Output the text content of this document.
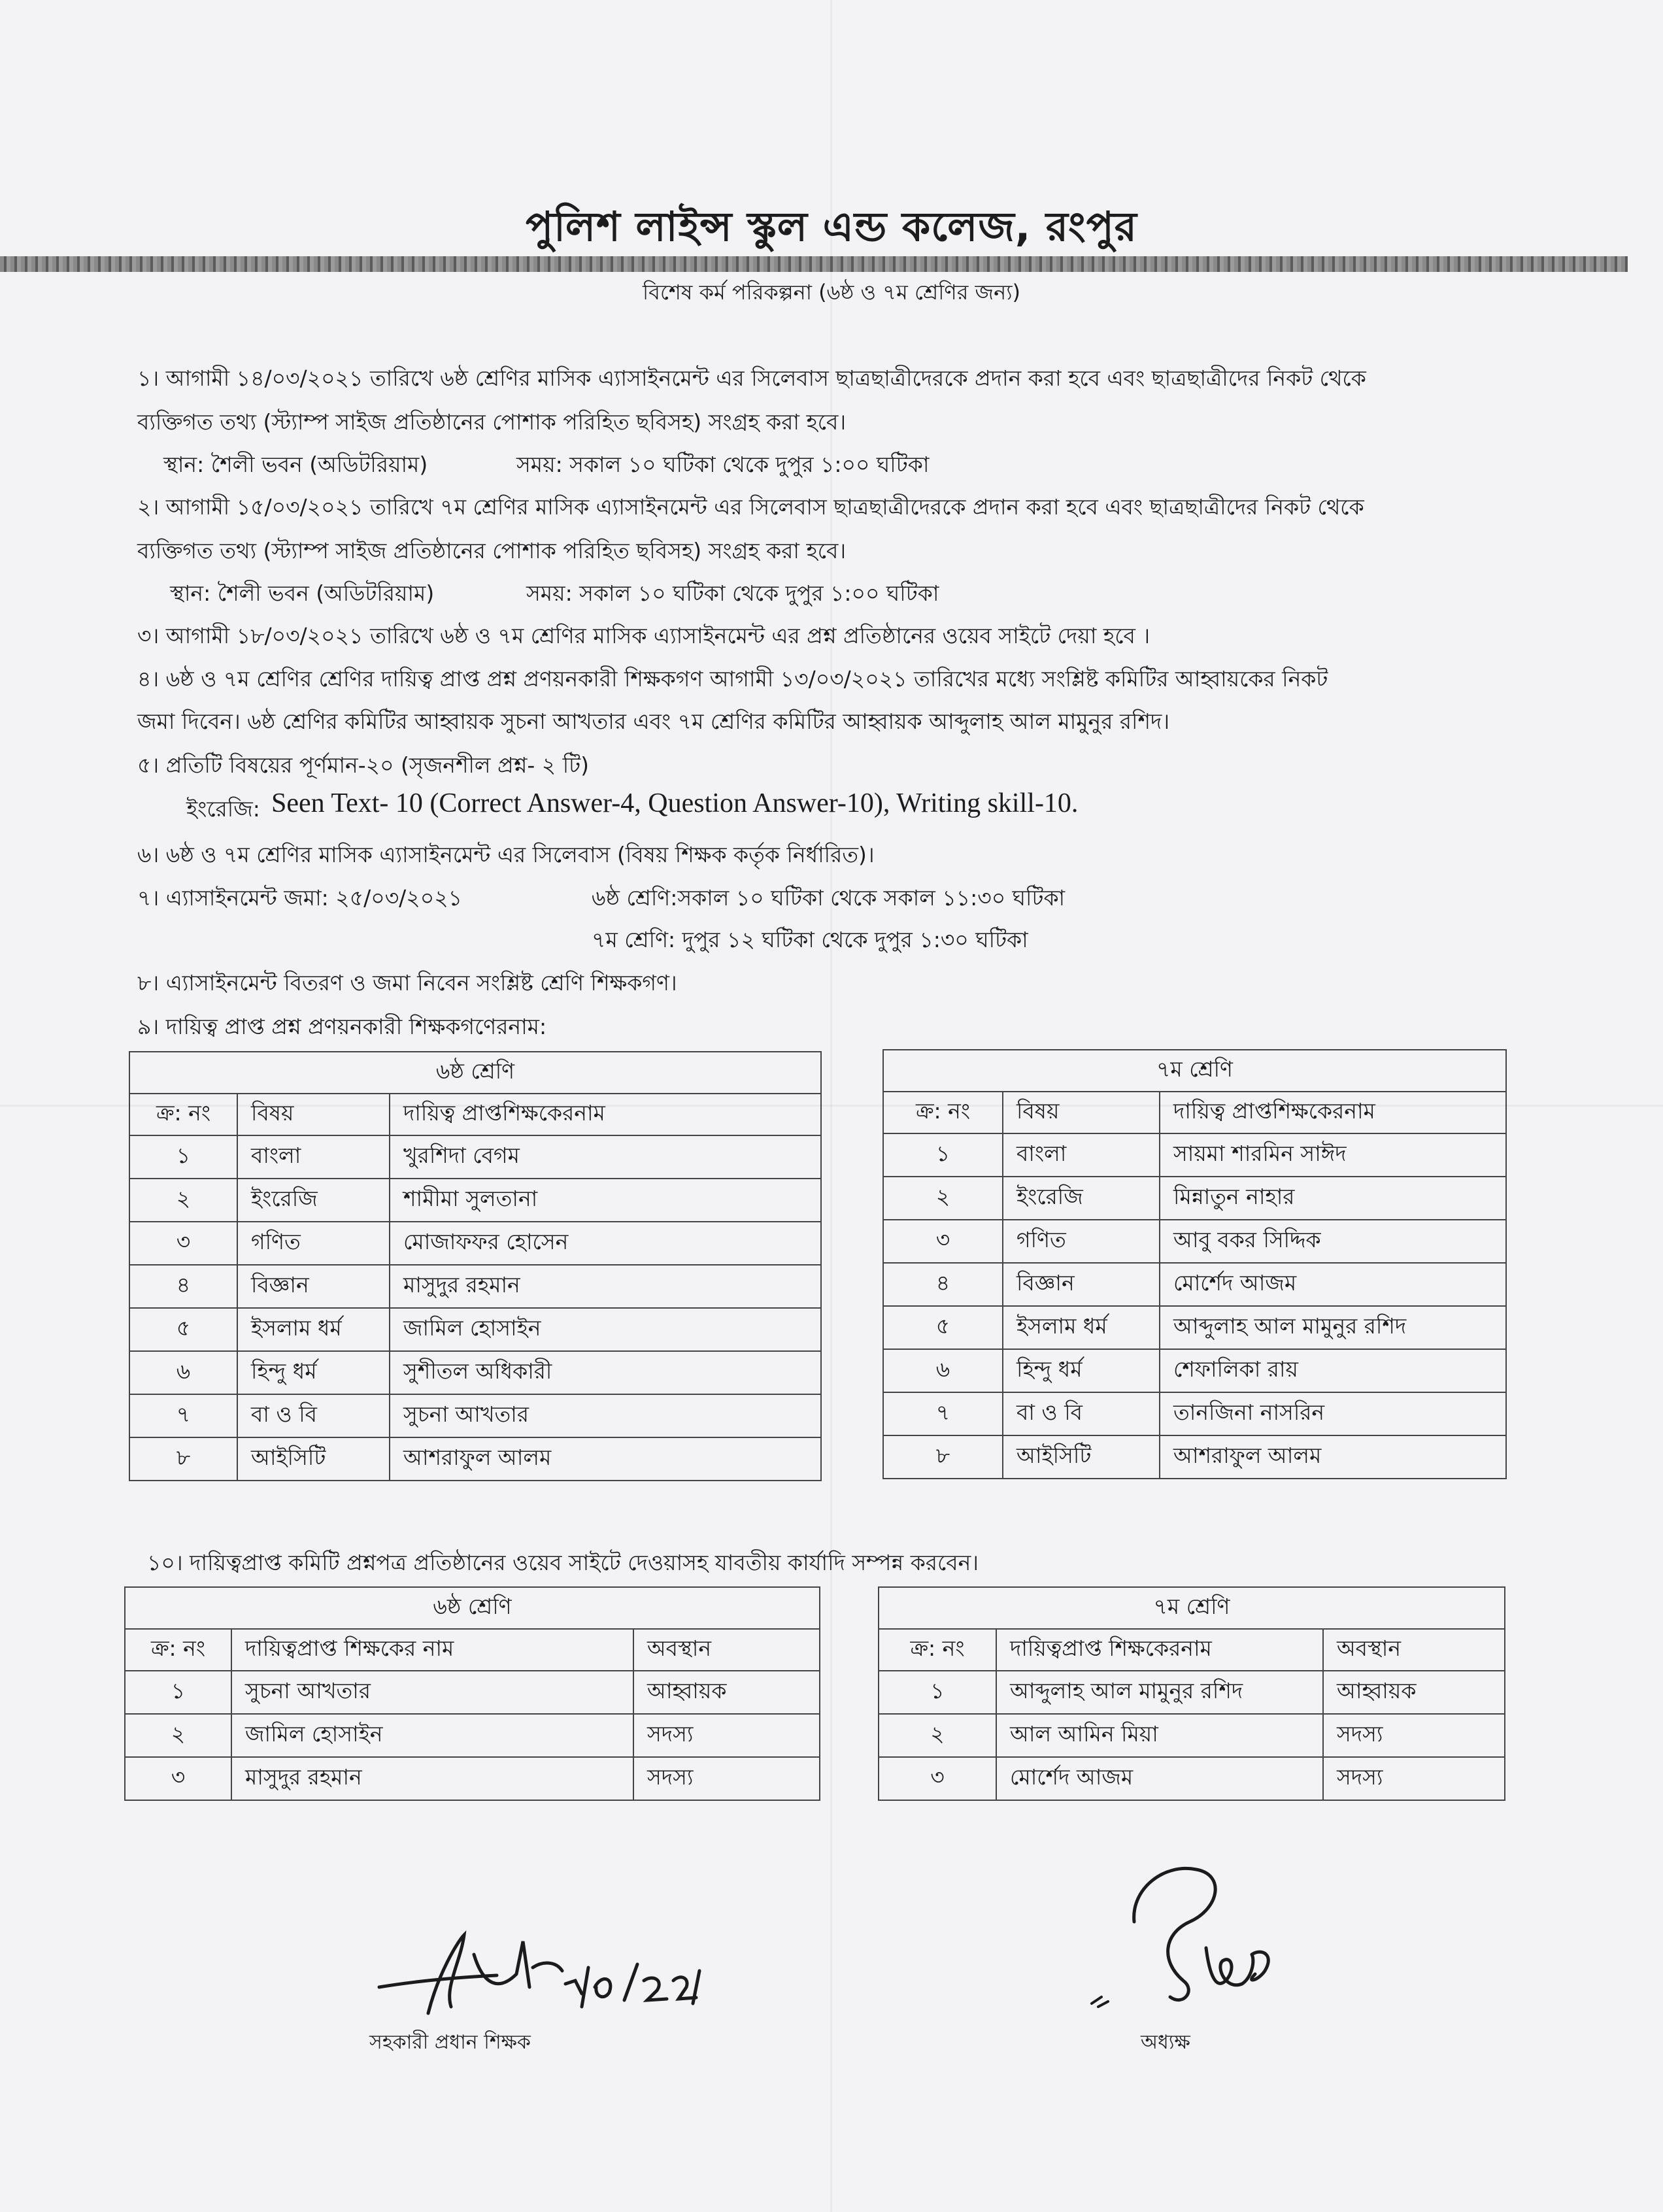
পুলিশ লাইন্স স্কুল এন্ড কলেজ, রংপুর
বিশেষ কর্ম পরিকল্পনা (৬ষ্ঠ ও ৭ম শ্রেণির জন্য)
১। আগামী ১৪/০৩/২০২১ তারিখে ৬ষ্ঠ শ্রেণির মাসিক এ্যাসাইনমেন্ট এর সিলেবাস ছাত্রছাত্রীদেরকে প্রদান করা হবে এবং ছাত্রছাত্রীদের নিকট থেকে
ব্যক্তিগত তথ্য (স্ট্যাম্প সাইজ প্রতিষ্ঠানের পোশাক পরিহিত ছবিসহ) সংগ্রহ করা হবে।
স্থান: শৈলী ভবন (অডিটরিয়াম)	সময়: সকাল ১০ ঘটিকা থেকে দুপুর ১:০০ ঘটিকা
২। আগামী ১৫/০৩/২০২১ তারিখে ৭ম শ্রেণির মাসিক এ্যাসাইনমেন্ট এর সিলেবাস ছাত্রছাত্রীদেরকে প্রদান করা হবে এবং ছাত্রছাত্রীদের নিকট থেকে
ব্যক্তিগত তথ্য (স্ট্যাম্প সাইজ প্রতিষ্ঠানের পোশাক পরিহিত ছবিসহ) সংগ্রহ করা হবে।
স্থান: শৈলী ভবন (অডিটরিয়াম)	সময়: সকাল ১০ ঘটিকা থেকে দুপুর ১:০০ ঘটিকা
৩। আগামী ১৮/০৩/২০২১ তারিখে ৬ষ্ঠ ও ৭ম শ্রেণির মাসিক এ্যাসাইনমেন্ট এর প্রশ্ন প্রতিষ্ঠানের ওয়েব সাইটে দেয়া হবে ।
৪। ৬ষ্ঠ ও ৭ম শ্রেণির শ্রেণির দায়িত্ব প্রাপ্ত প্রশ্ন প্রণয়নকারী শিক্ষকগণ আগামী ১৩/০৩/২০২১ তারিখের মধ্যে সংশ্লিষ্ট কমিটির আহ্বায়কের নিকট
জমা দিবেন। ৬ষ্ঠ শ্রেণির কমিটির আহ্বায়ক সুচনা আখতার এবং ৭ম শ্রেণির কমিটির আহ্বায়ক আব্দুলাহ আল মামুনুর রশিদ।
৫। প্রতিটি বিষয়ের পূর্ণমান-২০ (সৃজনশীল প্রশ্ন- ২ টি)
ইংরেজি: Seen Text- 10 (Correct Answer-4, Question Answer-10), Writing skill-10.
৬। ৬ষ্ঠ ও ৭ম শ্রেণির মাসিক এ্যাসাইনমেন্ট এর সিলেবাস (বিষয় শিক্ষক কর্তৃক নির্ধারিত)।
৭। এ্যাসাইনমেন্ট জমা: ২৫/০৩/২০২১	৬ষ্ঠ শ্রেণি:সকাল ১০ ঘটিকা থেকে সকাল ১১:৩০ ঘটিকা
৭ম শ্রেণি: দুপুর ১২ ঘটিকা থেকে দুপুর ১:৩০ ঘটিকা
৮। এ্যাসাইনমেন্ট বিতরণ ও জমা নিবেন সংশ্লিষ্ট শ্রেণি শিক্ষকগণ।
৯। দায়িত্ব প্রাপ্ত প্রশ্ন প্রণয়নকারী শিক্ষকগণেরনাম:
৬ষ্ঠ শ্রেণি		
ক্র: নং	বিষয়	দায়িত্ব প্রাপ্তশিক্ষকেরনাম
১	বাংলা	খুরশিদা বেগম
২	ইংরেজি	শামীমা সুলতানা
৩	গণিত	মোজাফফর হোসেন
৪	বিজ্ঞান	মাসুদুর রহমান
৫	ইসলাম ধর্ম	জামিল হোসাইন
৬	হিন্দু ধর্ম	সুশীতল অধিকারী
৭	বা ও বি	সুচনা আখতার
৮	আইসিটি	আশরাফুল আলম
৭ম শ্রেণি		
ক্র: নং	বিষয়	দায়িত্ব প্রাপ্তশিক্ষকেরনাম
১	বাংলা	সায়মা শারমিন সাঈদ
২	ইংরেজি	মিন্নাতুন নাহার
৩	গণিত	আবু বকর সিদ্দিক
৪	বিজ্ঞান	মোর্শেদ আজম
৫	ইসলাম ধর্ম	আব্দুলাহ আল মামুনুর রশিদ
৬	হিন্দু ধর্ম	শেফালিকা রায়
৭	বা ও বি	তানজিনা নাসরিন
৮	আইসিটি	আশরাফুল আলম
১০। দায়িত্বপ্রাপ্ত কমিটি প্রশ্নপত্র প্রতিষ্ঠানের ওয়েব সাইটে দেওয়াসহ যাবতীয় কার্যাদি সম্পন্ন করবেন।
৬ষ্ঠ শ্রেণি		
ক্র: নং	দায়িত্বপ্রাপ্ত শিক্ষকের নাম	অবস্থান
১	সুচনা আখতার	আহ্বায়ক
২	জামিল হোসাইন	সদস্য
৩	মাসুদুর রহমান	সদস্য
৭ম শ্রেণি		
ক্র: নং	দায়িত্বপ্রাপ্ত শিক্ষকেরনাম	অবস্থান
১	আব্দুলাহ আল মামুনুর রশিদ	আহ্বায়ক
২	আল আমিন মিয়া	সদস্য
৩	মোর্শেদ আজম	সদস্য
সহকারী প্রধান শিক্ষক	অধ্যক্ষ
